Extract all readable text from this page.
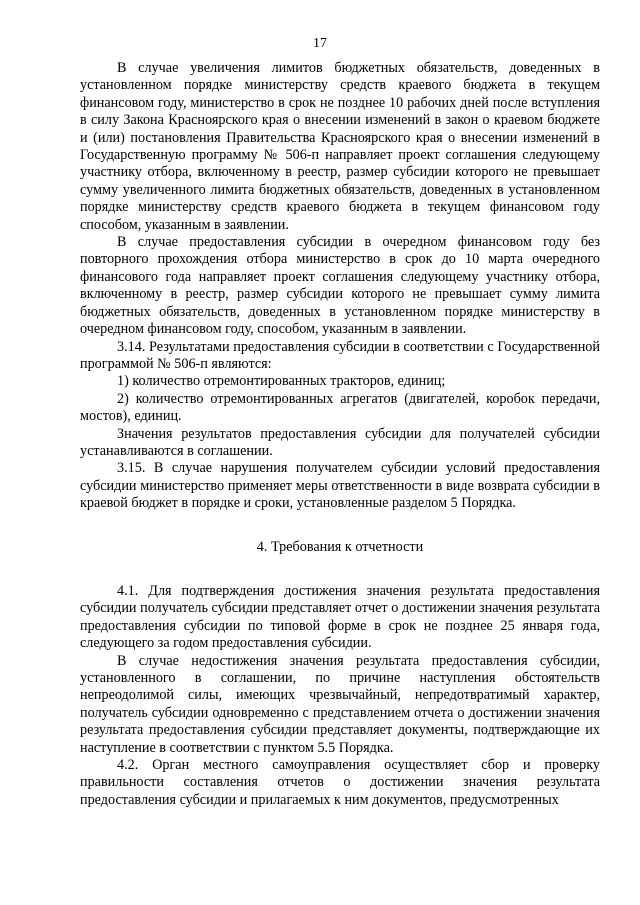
17

В случае увеличения лимитов бюджетных обязательств, доведенных в установленном порядке министерству средств краевого бюджета в текущем финансовом году, министерство в срок не позднее 10 рабочих дней после вступления в силу Закона Красноярского края о внесении изменений в закон о краевом бюджете и (или) постановления Правительства Красноярского края о внесении изменений в Государственную программу № 506-п направляет проект соглашения следующему участнику отбора, включенному в реестр, размер субсидии которого не превышает сумму увеличенного лимита бюджетных обязательств, доведенных в установленном порядке министерству средств краевого бюджета в текущем финансовом году способом, указанным в заявлении.

В случае предоставления субсидии в очередном финансовом году без повторного прохождения отбора министерство в срок до 10 марта очередного финансового года направляет проект соглашения следующему участнику отбора, включенному в реестр, размер субсидии которого не превышает сумму лимита бюджетных обязательств, доведенных в установленном порядке министерству в очередном финансовом году, способом, указанным в заявлении.

3.14. Результатами предоставления субсидии в соответствии с Государственной программой № 506-п являются:

1) количество отремонтированных тракторов, единиц;

2) количество отремонтированных агрегатов (двигателей, коробок передачи, мостов), единиц.

Значения результатов предоставления субсидии для получателей субсидии устанавливаются в соглашении.

3.15. В случае нарушения получателем субсидии условий предоставления субсидии министерство применяет меры ответственности в виде возврата субсидии в краевой бюджет в порядке и сроки, установленные разделом 5 Порядка.

4. Требования к отчетности

4.1. Для подтверждения достижения значения результата предоставления субсидии получатель субсидии представляет отчет о достижении значения результата предоставления субсидии по типовой форме в срок не позднее 25 января года, следующего за годом предоставления субсидии.

В случае недостижения значения результата предоставления субсидии, установленного в соглашении, по причине наступления обстоятельств непреодолимой силы, имеющих чрезвычайный, непредотвратимый характер, получатель субсидии одновременно с представлением отчета о достижении значения результата предоставления субсидии представляет документы, подтверждающие их наступление в соответствии с пунктом 5.5 Порядка.

4.2. Орган местного самоуправления осуществляет сбор и проверку правильности составления отчетов о достижении значения результата предоставления субсидии и прилагаемых к ним документов, предусмотренных
